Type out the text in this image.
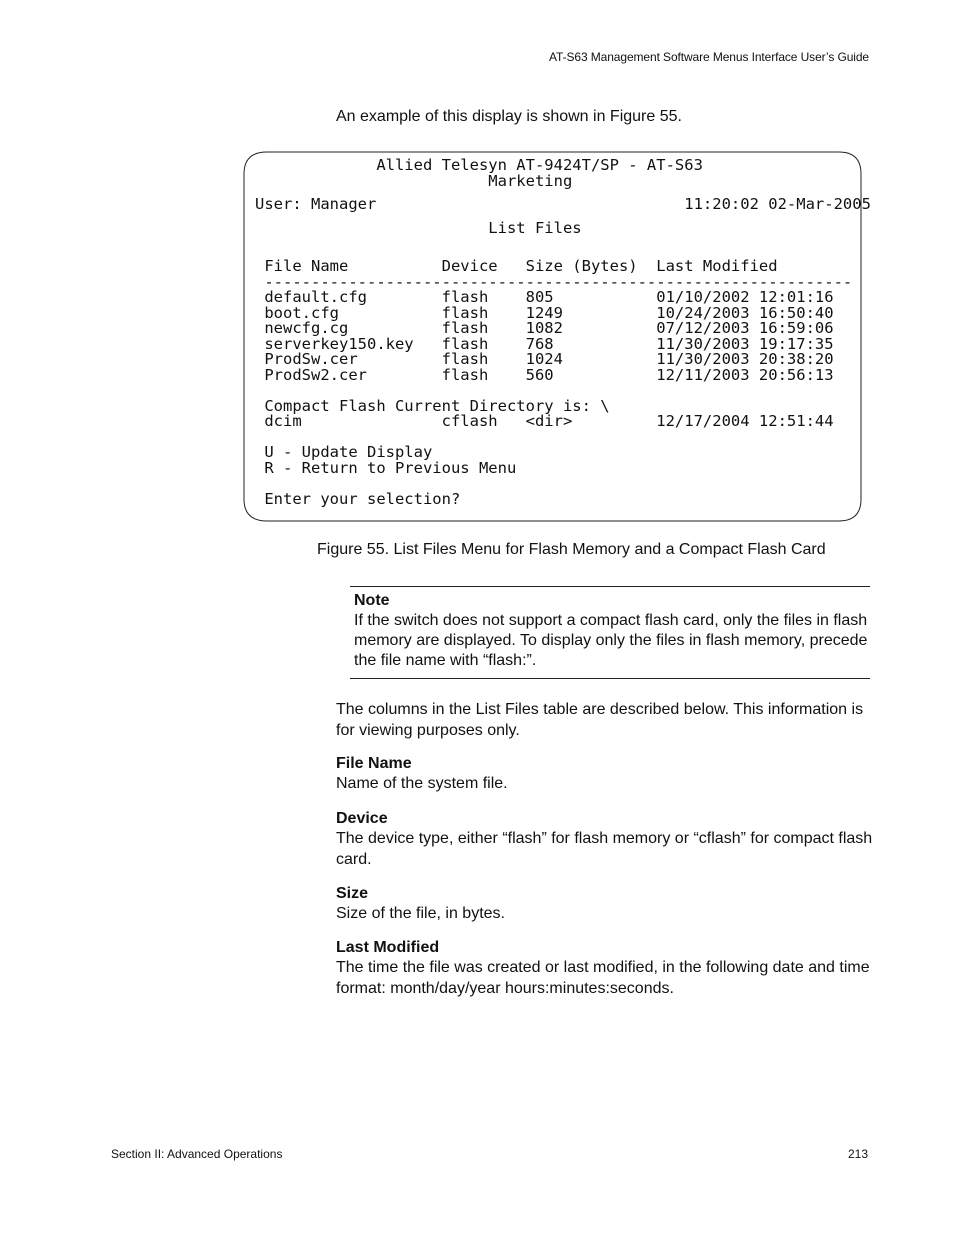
AT-S63 Management Software Menus Interface User’s Guide
An example of this display is shown in Figure 55.
Allied Telesyn AT-9424T/SP - AT-S63
Marketing
User: Manager                                 11:20:02 02-Mar-2005
List Files
File Name          Device   Size (Bytes)  Last Modified
---------------------------------------------------------------
default.cfg        flash    805           01/10/2002 12:01:16
boot.cfg           flash    1249          10/24/2003 16:50:40
newcfg.cg          flash    1082          07/12/2003 16:59:06
serverkey150.key   flash    768           11/30/2003 19:17:35
ProdSw.cer         flash    1024          11/30/2003 20:38:20
ProdSw2.cer        flash    560           12/11/2003 20:56:13
Compact Flash Current Directory is: \
dcim               cflash   <dir>         12/17/2004 12:51:44
U - Update Display
R - Return to Previous Menu
Enter your selection?
Figure 55. List Files Menu for Flash Memory and a Compact Flash Card

Note

If the switch does not support a compact flash card, only the files in flash memory are displayed. To display only the files in flash memory, precede the file name with “flash:”.

The columns in the List Files table are described below. This information is for viewing purposes only.

File Name

Name of the system file.

Device

The device type, either “flash” for flash memory or “cflash” for compact flash card.

Size

Size of the file, in bytes.

Last Modified

The time the file was created or last modified, in the following date and time format: month/day/year hours:minutes:seconds.

Section II: Advanced Operations	213
